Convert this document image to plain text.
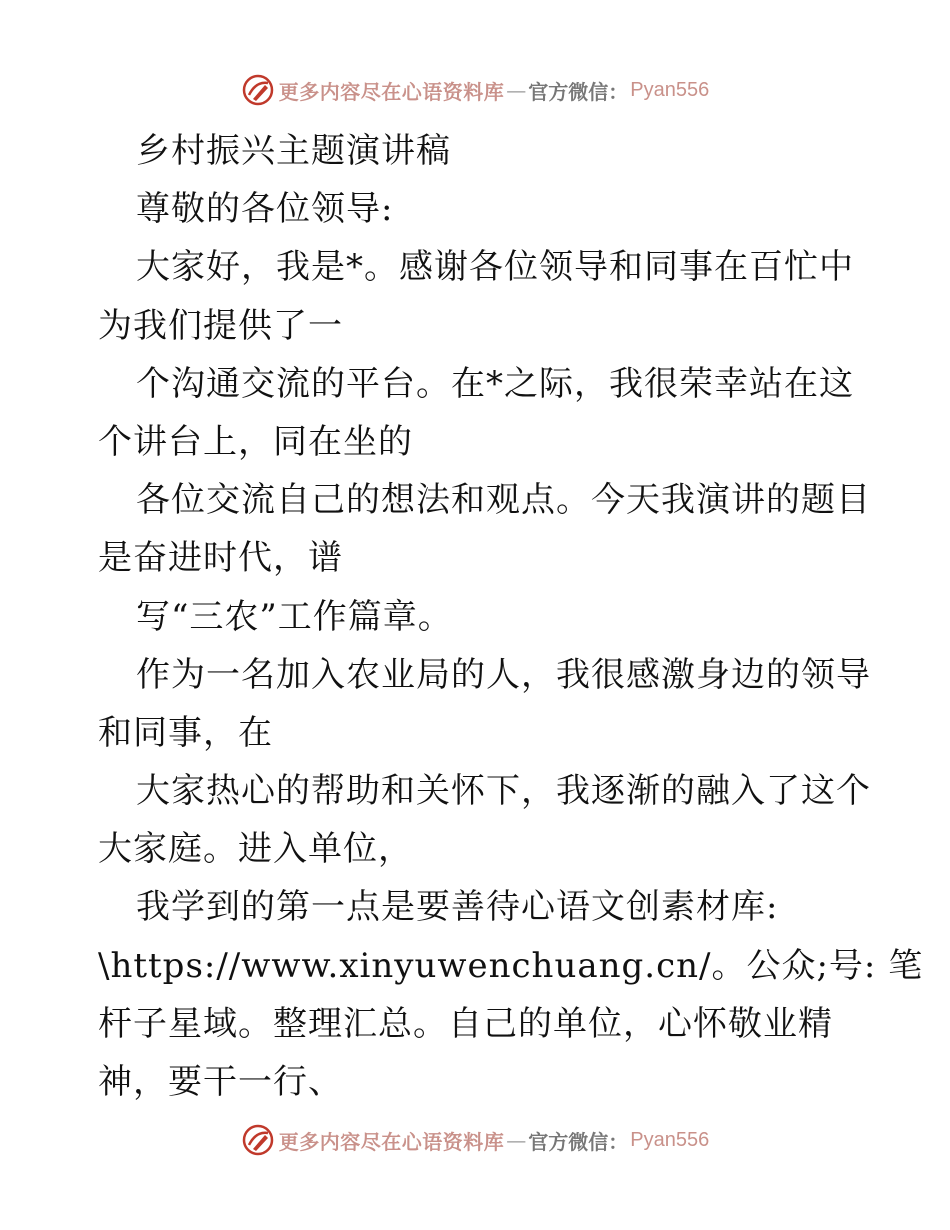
更多内容尽在心语资料库 — 官方微信： Pyan556
乡村振兴主题演讲稿
尊敬的各位领导:
大家好，我是*。感谢各位领导和同事在百忙中
为我们提供了一
个沟通交流的平台。在*之际，我很荣幸站在这
个讲台上，同在坐的
各位交流自己的想法和观点。今天我演讲的题目
是奋进时代，谱
写“三农”工作篇章。
作为一名加入农业局的人，我很感激身边的领导
和同事，在
大家热心的帮助和关怀下，我逐渐的融入了这个
大家庭。进入单位，
我学到的第一点是要善待心语文创素材库:
\https://www.xinyuwenchuang.cn/。公众;号: 笔
杆子星域。整理汇总。自己的单位，心怀敬业精
神，要干一行、
更多内容尽在心语资料库 — 官方微信： Pyan556
